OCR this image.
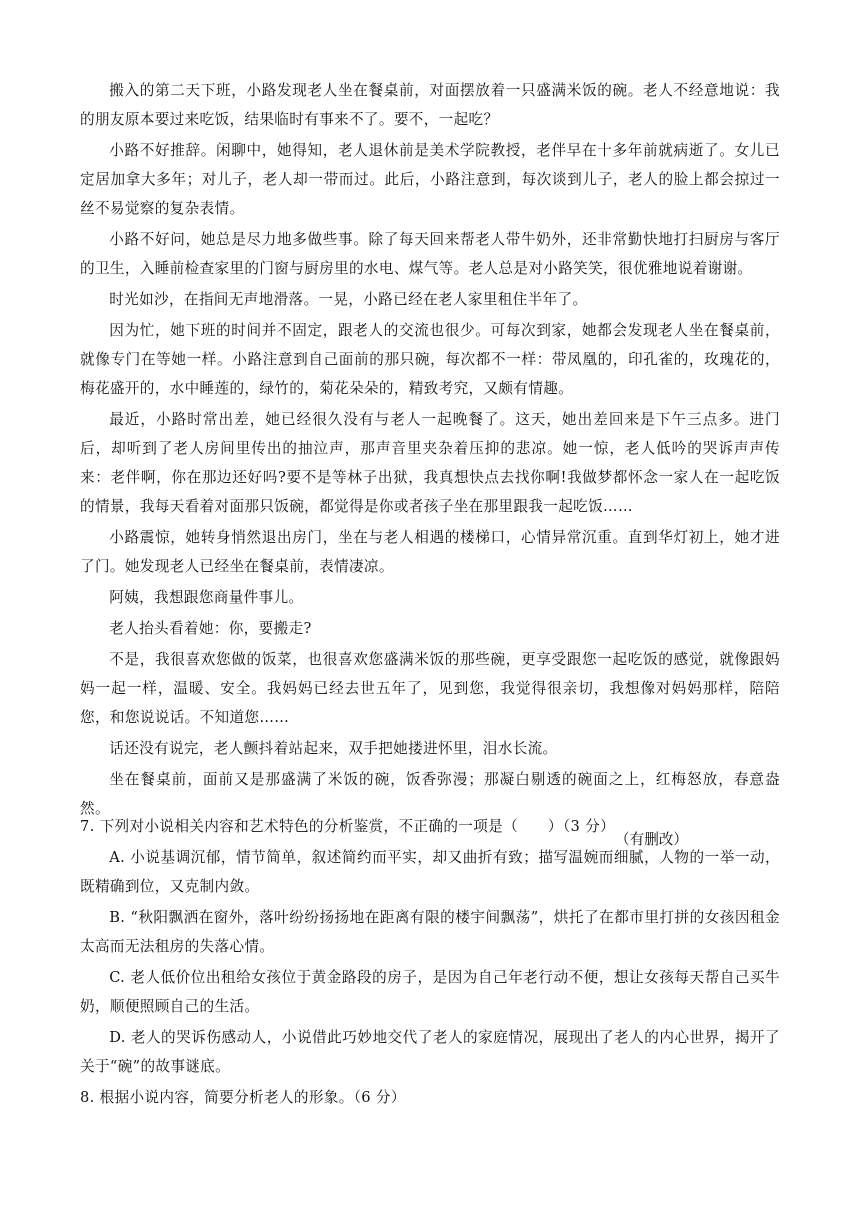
搬入的第二天下班，小路发现老人坐在餐桌前，对面摆放着一只盛满米饭的碗。老人不经意地说：我的朋友原本要过来吃饭，结果临时有事来不了。要不，一起吃？

小路不好推辞。闲聊中，她得知，老人退休前是美术学院教授，老伴早在十多年前就病逝了。女儿已定居加拿大多年；对儿子，老人却一带而过。此后，小路注意到，每次谈到儿子，老人的脸上都会掠过一丝不易觉察的复杂表情。

小路不好问，她总是尽力地多做些事。除了每天回来帮老人带牛奶外，还非常勤快地打扫厨房与客厅的卫生，入睡前检查家里的门窗与厨房里的水电、煤气等。老人总是对小路笑笑，很优雅地说着谢谢。

时光如沙，在指间无声地滑落。一晃，小路已经在老人家里租住半年了。

因为忙，她下班的时间并不固定，跟老人的交流也很少。可每次到家，她都会发现老人坐在餐桌前，就像专门在等她一样。小路注意到自己面前的那只碗，每次都不一样：带凤凰的，印孔雀的，玫瑰花的，梅花盛开的，水中睡莲的，绿竹的，菊花朵朵的，精致考究，又颇有情趣。

最近，小路时常出差，她已经很久没有与老人一起晚餐了。这天，她出差回来是下午三点多。进门后，却听到了老人房间里传出的抽泣声，那声音里夹杂着压抑的悲凉。她一惊，老人低吟的哭诉声声传来：老伴啊，你在那边还好吗?要不是等林子出狱，我真想快点去找你啊!我做梦都怀念一家人在一起吃饭的情景，我每天看着对面那只饭碗，都觉得是你或者孩子坐在那里跟我一起吃饭……

小路震惊，她转身悄然退出房门，坐在与老人相遇的楼梯口，心情异常沉重。直到华灯初上，她才进了门。她发现老人已经坐在餐桌前，表情凄凉。

阿姨，我想跟您商量件事儿。

老人抬头看着她：你，要搬走?

不是，我很喜欢您做的饭菜，也很喜欢您盛满米饭的那些碗，更享受跟您一起吃饭的感觉，就像跟妈妈一起一样，温暖、安全。我妈妈已经去世五年了，见到您，我觉得很亲切，我想像对妈妈那样，陪陪您，和您说说话。不知道您……

话还没有说完，老人颤抖着站起来，双手把她搂进怀里，泪水长流。

坐在餐桌前，面前又是那盛满了米饭的碗，饭香弥漫；那凝白剔透的碗面之上，红梅怒放，春意盎然。

（有删改）

7. 下列对小说相关内容和艺术特色的分析鉴赏，不正确的一项是（　　）（3 分）

A. 小说基调沉郁，情节简单，叙述简约而平实，却又曲折有致；描写温婉而细腻，人物的一举一动，既精确到位，又克制内敛。

B. “秋阳飘洒在窗外，落叶纷纷扬扬地在距离有限的楼宇间飘荡”，烘托了在都市里打拼的女孩因租金太高而无法租房的失落心情。

C. 老人低价位出租给女孩位于黄金路段的房子，是因为自己年老行动不便，想让女孩每天帮自己买牛奶，顺便照顾自己的生活。

D. 老人的哭诉伤感动人，小说借此巧妙地交代了老人的家庭情况，展现出了老人的内心世界，揭开了关于“碗”的故事谜底。

8. 根据小说内容，简要分析老人的形象。（6 分）
